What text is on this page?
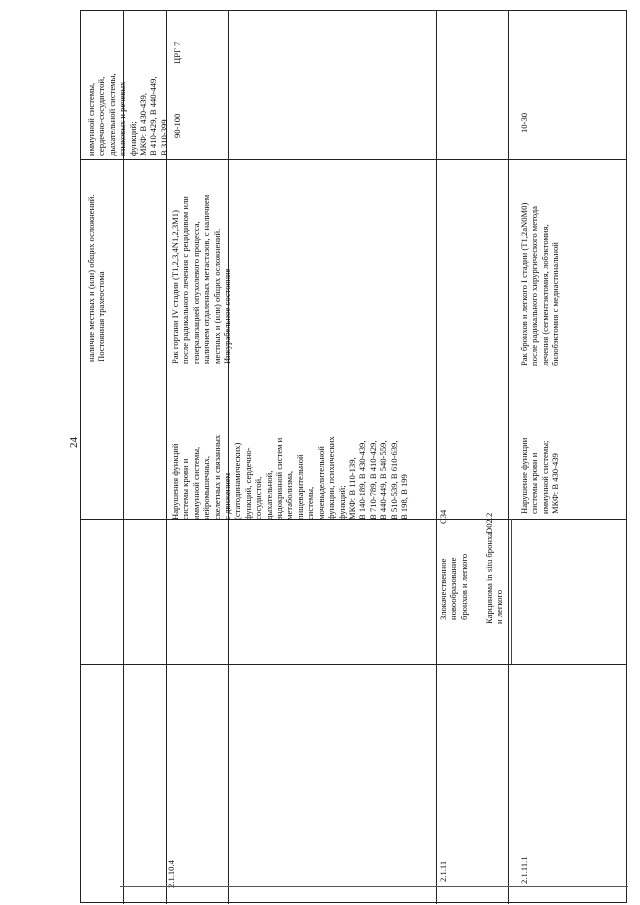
24
иммунной системы, сердечно-сосудистой, дыхательной системы, языковых и речевых функций; МКФ: В 430-439, В 410-429, В 440-449, В 310-399
наличие местных и (или) общих осложнений. Постоянная трахеостома
2.1.10.4
Нарушения функций системы крови и иммунной системы, нейромышечных, скелетных и связанных с движением (статодинамических) функций, сердечно- сосудистой, дыхательной, эндокринной систем и метаболизма, пищеварительной системы, мочевыделительной функции, психических функций; МКФ: В 110-139, В 140-189, В 430-439, В 710-789, В 410-429, В 440-449, В 540-559, В 510-539, В 610-639, В 198, В 199
Рак гортани IV стадии (T1,2,3,4N1,2,3M1) после радикального лечения с рецидивом или генерализацией опухолевого процесса, наличием отдаленных метастазов, с наличием местных и (или) общих осложнений. Инкурабельное состояние
90-100
ЦРГ 7
2.1.11
Злокачественное новообразование бронхов и легкого
С34
Карцинома in situ бронха и легкого
D02.2
2.1.11.1
Нарушение функции системы крови и иммунной системы; МКФ: В 430-439
Рак бронхов и легкого I стадии (T1,2aN0M0) после радикального хирургического метода лечения (сегментэктомия, лобэктомия, билобэктомия с медиастинальной
10-30
